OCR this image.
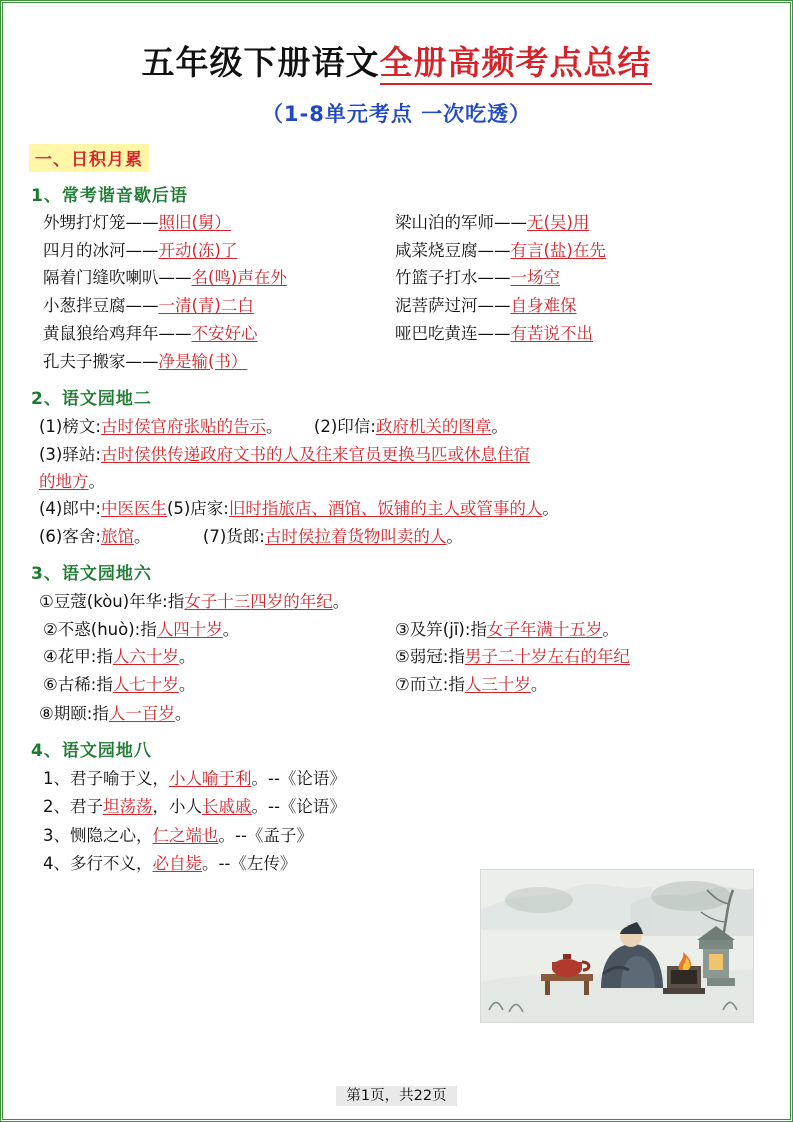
五年级下册语文全册高频考点总结
（1-8单元考点 一次吃透）
一、日积月累
1、常考谐音歇后语
外甥打灯笼——照旧(舅）	梁山泊的军师——无(吴)用
四月的冰河——开动(冻)了	咸菜烧豆腐——有言(盐)在先
隔着门缝吹喇叭——名(鸣)声在外	竹篮子打水——一场空
小葱拌豆腐——一清(青)二白	泥菩萨过河——自身难保
黄鼠狼给鸡拜年——不安好心	哑巴吃黄连——有苦说不出
孔夫子搬家——净是输(书）
2、语文园地二
(1)榜文:古时侯官府张贴的告示。 (2)印信:政府机关的图章。
(3)驿站:古时侯供传递政府文书的人及往来官员更换马匹或休息住宿
的地方。
(4)郎中:中医医生(5)店家:旧时指旅店、酒馆、饭铺的主人或管事的人。
(6)客舍:旅馆。	(7)货郎:古时侯拉着货物叫卖的人。
3、语文园地六
①豆蔻(kòu)年华:指女子十三四岁的年纪。
②不惑(huò):指人四十岁。	③及笄(jī):指女子年满十五岁。
④花甲:指人六十岁。	⑤弱冠:指男子二十岁左右的年纪
⑥古稀:指人七十岁。	⑦而立:指人三十岁。
⑧期颐:指人一百岁。
4、语文园地八
1、君子喻于义，小人喻于利。--《论语》
2、君子坦荡荡，小人长戚戚。--《论语》
3、恻隐之心，仁之端也。--《孟子》
4、多行不义，必自毙。--《左传》
第1页，共22页
